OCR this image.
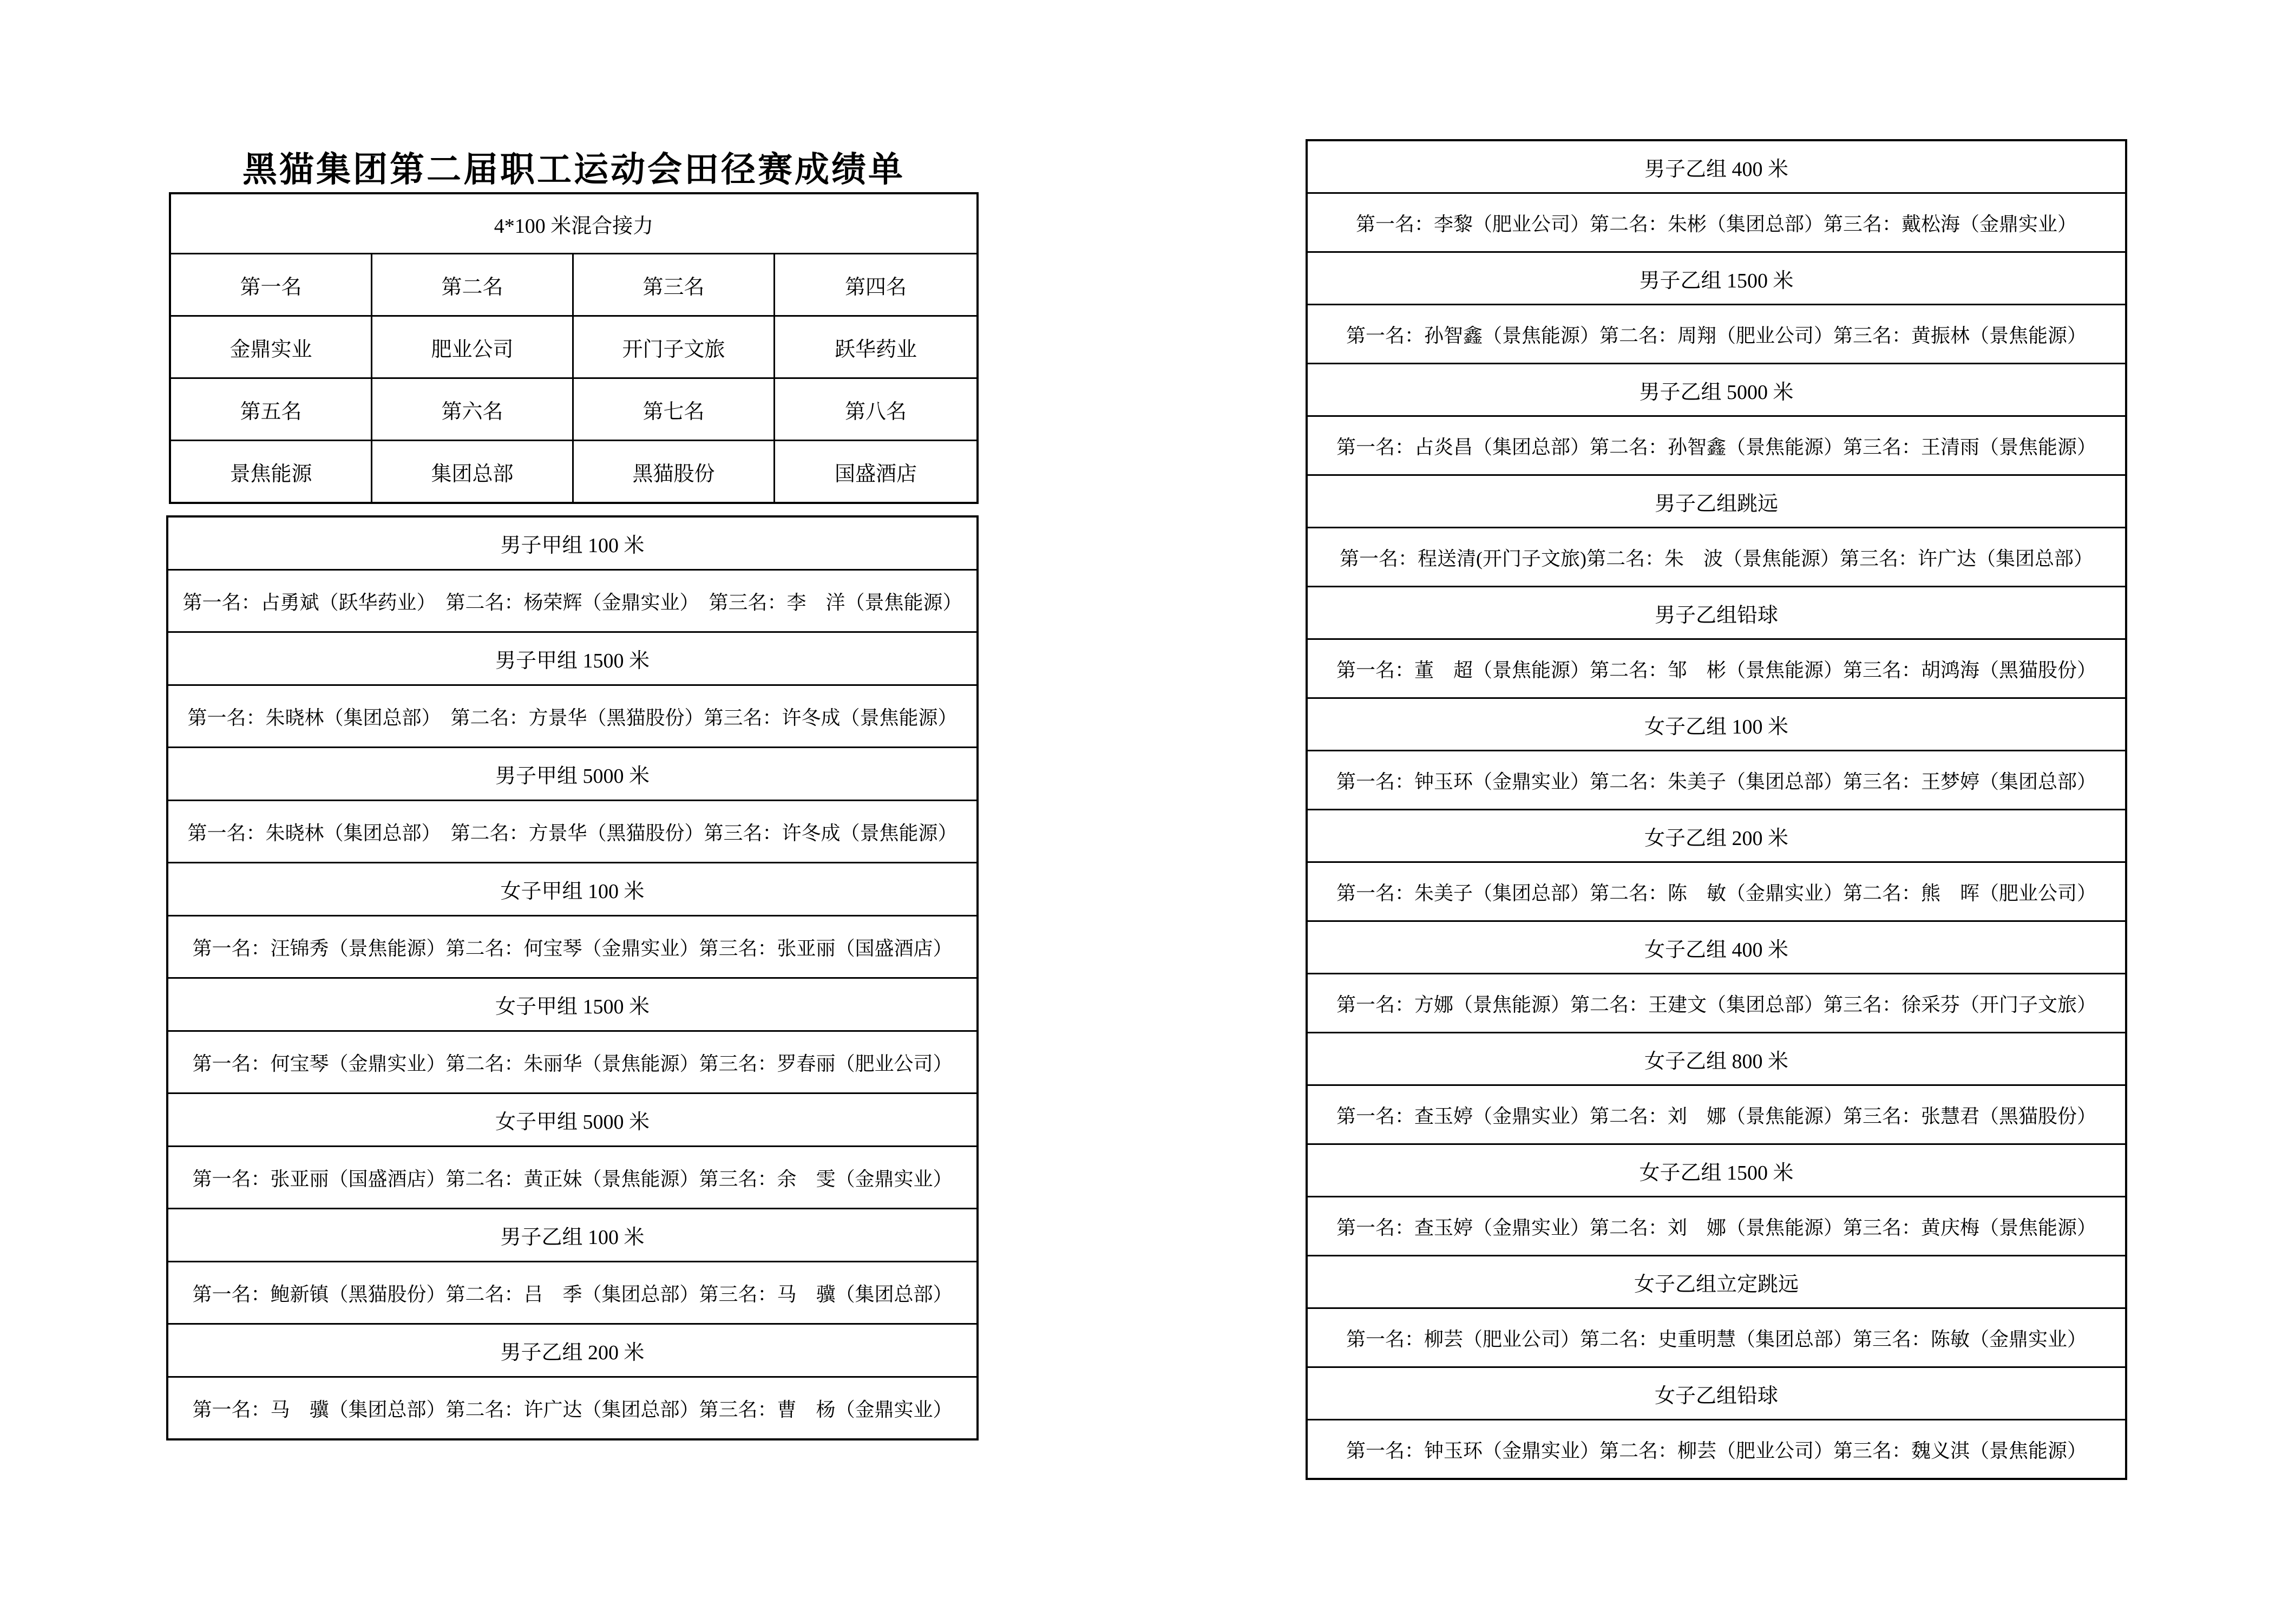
黑猫集团第二届职工运动会田径赛成绩单
4*100 米混合接力
第一名	第二名	第三名	第四名
金鼎实业	肥业公司	开门子文旅	跃华药业
第五名	第六名	第七名	第八名
景焦能源	集团总部	黑猫股份	国盛酒店
男子甲组 100 米
第一名：占勇斌（跃华药业）　第二名：杨荣辉（金鼎实业）　第三名：李　洋（景焦能源）
男子甲组 1500 米
第一名：朱晓林（集团总部）　第二名：方景华（黑猫股份）第三名：许冬成（景焦能源）
男子甲组 5000 米
第一名：朱晓林（集团总部）　第二名：方景华（黑猫股份）第三名：许冬成（景焦能源）
女子甲组 100 米
第一名：汪锦秀（景焦能源）第二名：何宝琴（金鼎实业）第三名：张亚丽（国盛酒店）
女子甲组 1500 米
第一名：何宝琴（金鼎实业）第二名：朱丽华（景焦能源）第三名：罗春丽（肥业公司）
女子甲组 5000 米
第一名：张亚丽（国盛酒店）第二名：黄正妹（景焦能源）第三名：余　雯（金鼎实业）
男子乙组 100 米
第一名：鲍新镇（黑猫股份）第二名：吕　季（集团总部）第三名：马　骥（集团总部）
男子乙组 200 米
第一名：马　骥（集团总部）第二名：许广达（集团总部）第三名：曹　杨（金鼎实业）
男子乙组 400 米
第一名：李黎（肥业公司）第二名：朱彬（集团总部）第三名：戴松海（金鼎实业）
男子乙组 1500 米
第一名：孙智鑫（景焦能源）第二名：周翔（肥业公司）第三名：黄振林（景焦能源）
男子乙组 5000 米
第一名：占炎昌（集团总部）第二名：孙智鑫（景焦能源）第三名：王清雨（景焦能源）
男子乙组跳远
第一名：程送清(开门子文旅)第二名：朱　波（景焦能源）第三名：许广达（集团总部）
男子乙组铅球
第一名：董　超（景焦能源）第二名：邹　彬（景焦能源）第三名：胡鸿海（黑猫股份）
女子乙组 100 米
第一名：钟玉环（金鼎实业）第二名：朱美子（集团总部）第三名：王梦婷（集团总部）
女子乙组 200 米
第一名：朱美子（集团总部）第二名：陈　敏（金鼎实业）第二名：熊　晖（肥业公司）
女子乙组 400 米
第一名：方娜（景焦能源）第二名：王建文（集团总部）第三名：徐采芬（开门子文旅）
女子乙组 800 米
第一名：查玉婷（金鼎实业）第二名：刘　娜（景焦能源）第三名：张慧君（黑猫股份）
女子乙组 1500 米
第一名：查玉婷（金鼎实业）第二名：刘　娜（景焦能源）第三名：黄庆梅（景焦能源）
女子乙组立定跳远
第一名：柳芸（肥业公司）第二名：史重明慧（集团总部）第三名：陈敏（金鼎实业）
女子乙组铅球
第一名：钟玉环（金鼎实业）第二名：柳芸（肥业公司）第三名：魏义淇（景焦能源）
